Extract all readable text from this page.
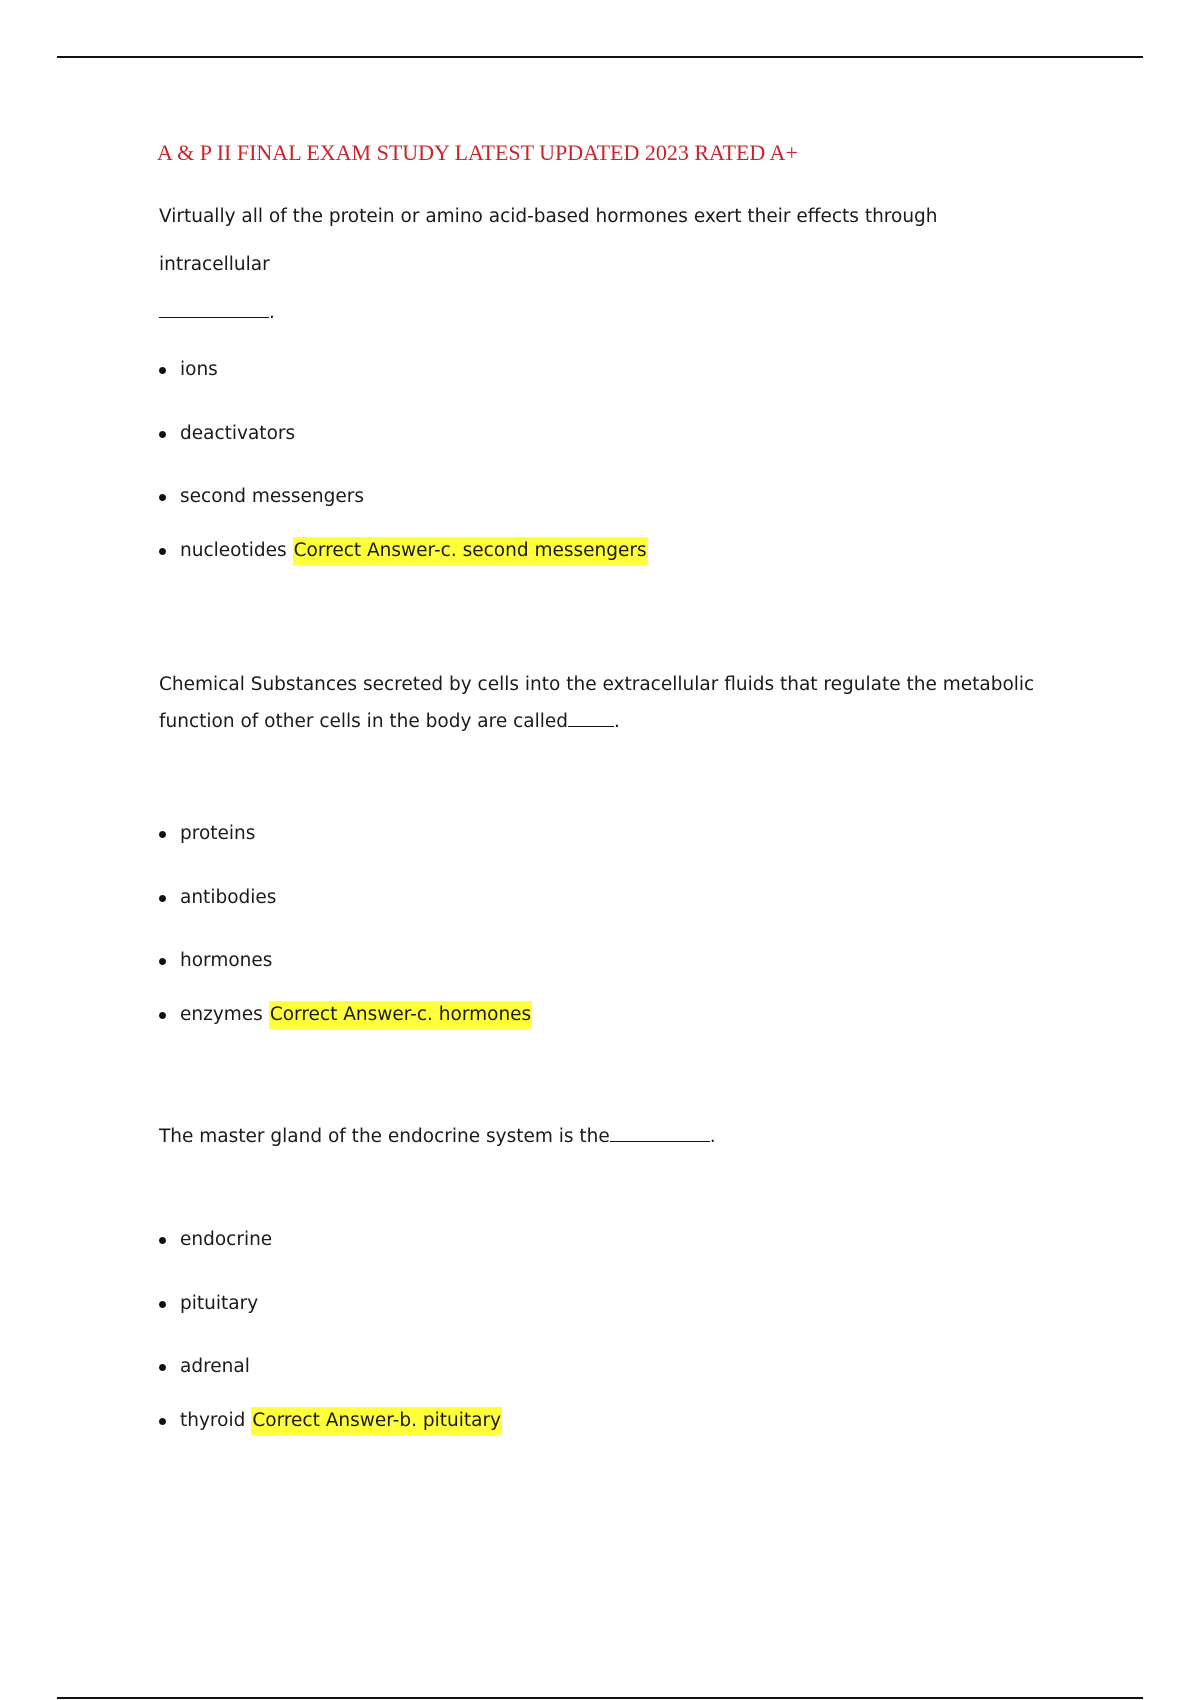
A & P II FINAL EXAM STUDY LATEST UPDATED 2023 RATED A+

Virtually all of the protein or amino acid-based hormones exert their effects through intracellular
.

ions
deactivators
second messengers
nucleotides Correct Answer-c. second messengers

Chemical Substances secreted by cells into the extracellular fluids that regulate the metabolic function of other cells in the body are called .

proteins
antibodies
hormones
enzymes Correct Answer-c. hormones

The master gland of the endocrine system is the	.

endocrine
pituitary
adrenal
thyroid Correct Answer-b. pituitary
